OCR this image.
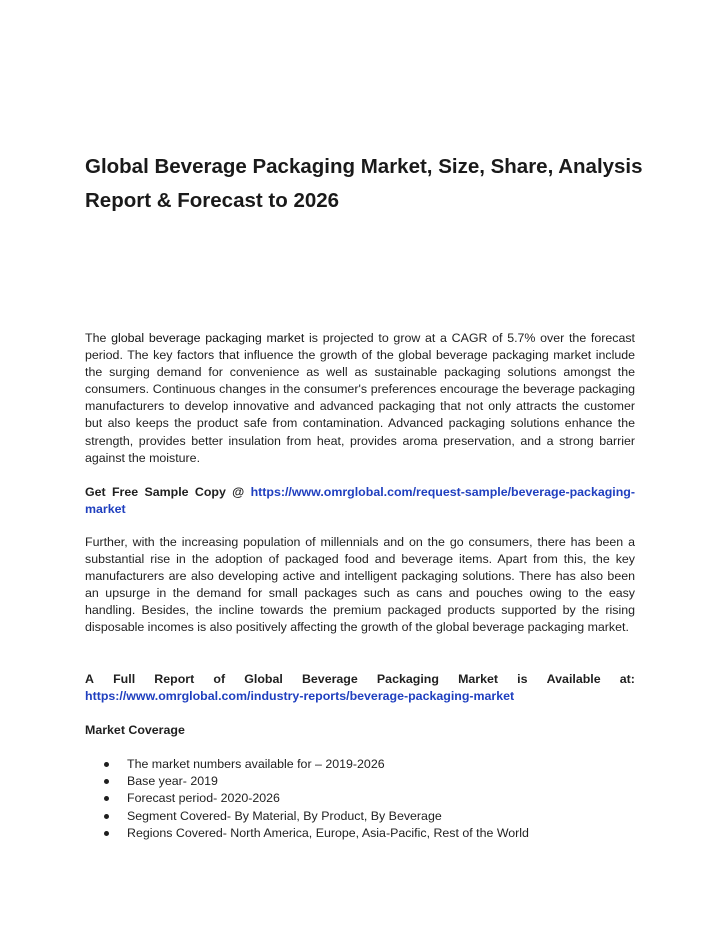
Global Beverage Packaging Market, Size, Share, Analysis
Report & Forecast to 2026

The global beverage packaging market is projected to grow at a CAGR of 5.7% over the forecast period. The key factors that influence the growth of the global beverage packaging market include the surging demand for convenience as well as sustainable packaging solutions amongst the consumers. Continuous changes in the consumer's preferences encourage the beverage packaging manufacturers to develop innovative and advanced packaging that not only attracts the customer but also keeps the product safe from contamination. Advanced packaging solutions enhance the strength, provides better insulation from heat, provides aroma preservation, and a strong barrier against the moisture.

Get Free Sample Copy @ https://www.omrglobal.com/request-sample/beverage-packaging-market

Further, with the increasing population of millennials and on the go consumers, there has been a substantial rise in the adoption of packaged food and beverage items. Apart from this, the key manufacturers are also developing active and intelligent packaging solutions. There has also been an upsurge in the demand for small packages such as cans and pouches owing to the easy handling. Besides, the incline towards the premium packaged products supported by the rising disposable incomes is also positively affecting the growth of the global beverage packaging market.

A Full Report of Global Beverage Packaging Market is Available at:
https://www.omrglobal.com/industry-reports/beverage-packaging-market

Market Coverage

The market numbers available for – 2019-2026
Base year- 2019
Forecast period- 2020-2026
Segment Covered- By Material, By Product, By Beverage
Regions Covered- North America, Europe, Asia-Pacific, Rest of the World
